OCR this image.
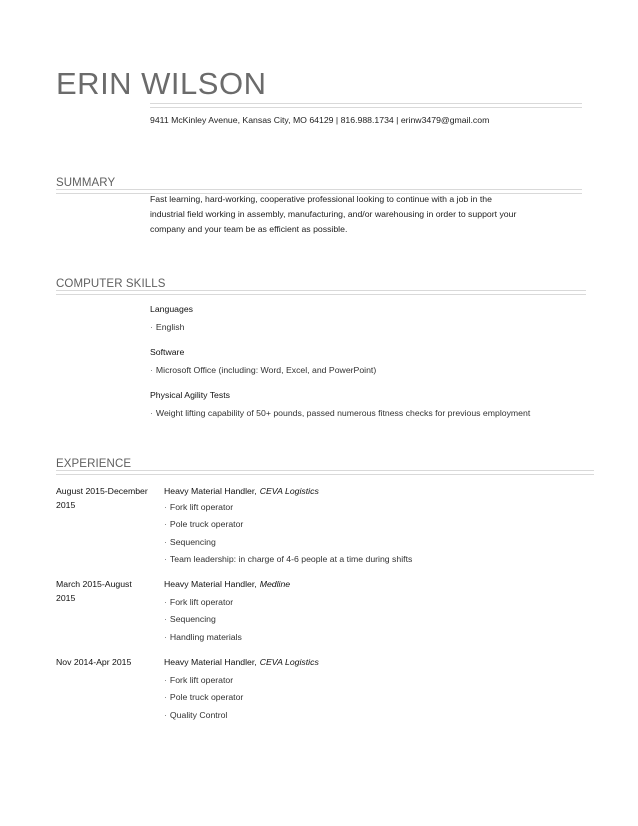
ERIN WILSON
9411 McKinley Avenue, Kansas City, MO 64129 | 816.988.1734 | erinw3479@gmail.com
SUMMARY
Fast learning, hard-working, cooperative professional looking to continue with a job in the
industrial field working in assembly, manufacturing, and/or warehousing in order to support your
company and your team be as efficient as possible.
COMPUTER SKILLS
Languages
· English
Software
· Microsoft Office (including: Word, Excel, and PowerPoint)
Physical Agility Tests
· Weight lifting capability of 50+ pounds, passed numerous fitness checks for previous employment
EXPERIENCE
August 2015-December
2015
Heavy Material Handler, CEVA Logistics
· Fork lift operator
· Pole truck operator
· Sequencing
· Team leadership: in charge of 4-6 people at a time during shifts
March 2015-August
2015
Heavy Material Handler, Medline
· Fork lift operator
· Sequencing
· Handling materials
Nov 2014-Apr 2015	Heavy Material Handler, CEVA Logistics
· Fork lift operator
· Pole truck operator
· Quality Control
